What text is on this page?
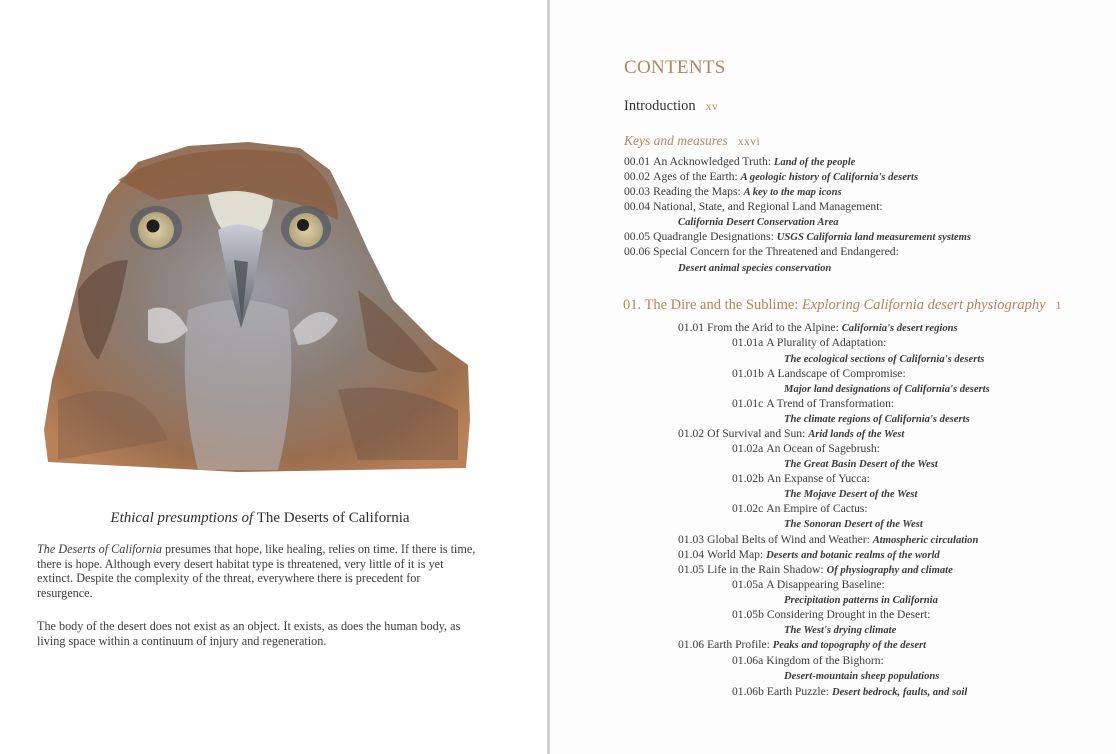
Ethical presumptions of The Deserts of California

The Deserts of California presumes that hope, like healing, relies on time. If there is time, there is hope. Although every desert habitat type is threatened, very little of it is yet extinct. Despite the complexity of the threat, everywhere there is precedent for resurgence.

The body of the desert does not exist as an object. It exists, as does the human body, as living space within a continuum of injury and regeneration.

CONTENTS
Introduction xv
Keys and measures xxvi
00.01 An Acknowledged Truth: Land of the people
00.02 Ages of the Earth: A geologic history of California's deserts
00.03 Reading the Maps: A key to the map icons
00.04 National, State, and Regional Land Management:
California Desert Conservation Area
00.05 Quadrangle Designations: USGS California land measurement systems
00.06 Special Concern for the Threatened and Endangered:
Desert animal species conservation
01. The Dire and the Sublime: Exploring California desert physiography 1
01.01 From the Arid to the Alpine: California's desert regions
01.01a A Plurality of Adaptation:
The ecological sections of California's deserts
01.01b A Landscape of Compromise:
Major land designations of California's deserts
01.01c A Trend of Transformation:
The climate regions of California's deserts
01.02 Of Survival and Sun: Arid lands of the West
01.02a An Ocean of Sagebrush:
The Great Basin Desert of the West
01.02b An Expanse of Yucca:
The Mojave Desert of the West
01.02c An Empire of Cactus:
The Sonoran Desert of the West
01.03 Global Belts of Wind and Weather: Atmospheric circulation
01.04 World Map: Deserts and botanic realms of the world
01.05 Life in the Rain Shadow: Of physiography and climate
01.05a A Disappearing Baseline:
Precipitation patterns in California
01.05b Considering Drought in the Desert:
The West's drying climate
01.06 Earth Profile: Peaks and topography of the desert
01.06a Kingdom of the Bighorn:
Desert-mountain sheep populations
01.06b Earth Puzzle: Desert bedrock, faults, and soil
